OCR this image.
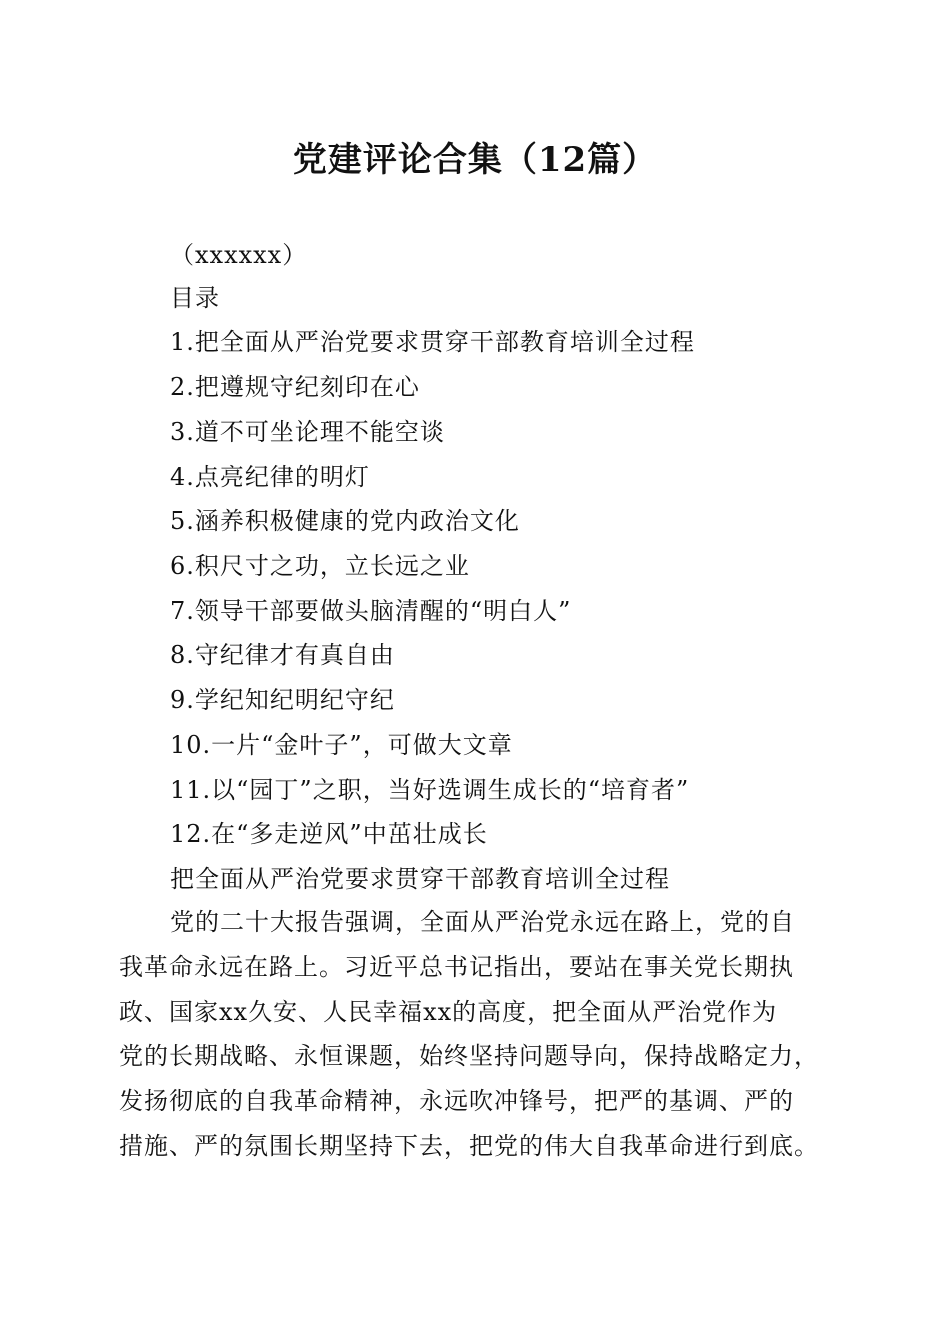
党建评论合集（12篇）
（xxxxxx）
目录
1.把全面从严治党要求贯穿干部教育培训全过程
2.把遵规守纪刻印在心
3.道不可坐论理不能空谈
4.点亮纪律的明灯
5.涵养积极健康的党内政治文化
6.积尺寸之功，立长远之业
7.领导干部要做头脑清醒的“明白人”
8.守纪律才有真自由
9.学纪知纪明纪守纪
10.一片“金叶子”，可做大文章
11.以“园丁”之职，当好选调生成长的“培育者”
12.在“多走逆风”中茁壮成长
把全面从严治党要求贯穿干部教育培训全过程
党的二十大报告强调，全面从严治党永远在路上，党的自
我革命永远在路上。习近平总书记指出，要站在事关党长期执
政、国家xx久安、人民幸福xx的高度，把全面从严治党作为
党的长期战略、永恒课题，始终坚持问题导向，保持战略定力，
发扬彻底的自我革命精神，永远吹冲锋号，把严的基调、严的
措施、严的氛围长期坚持下去，把党的伟大自我革命进行到底。
